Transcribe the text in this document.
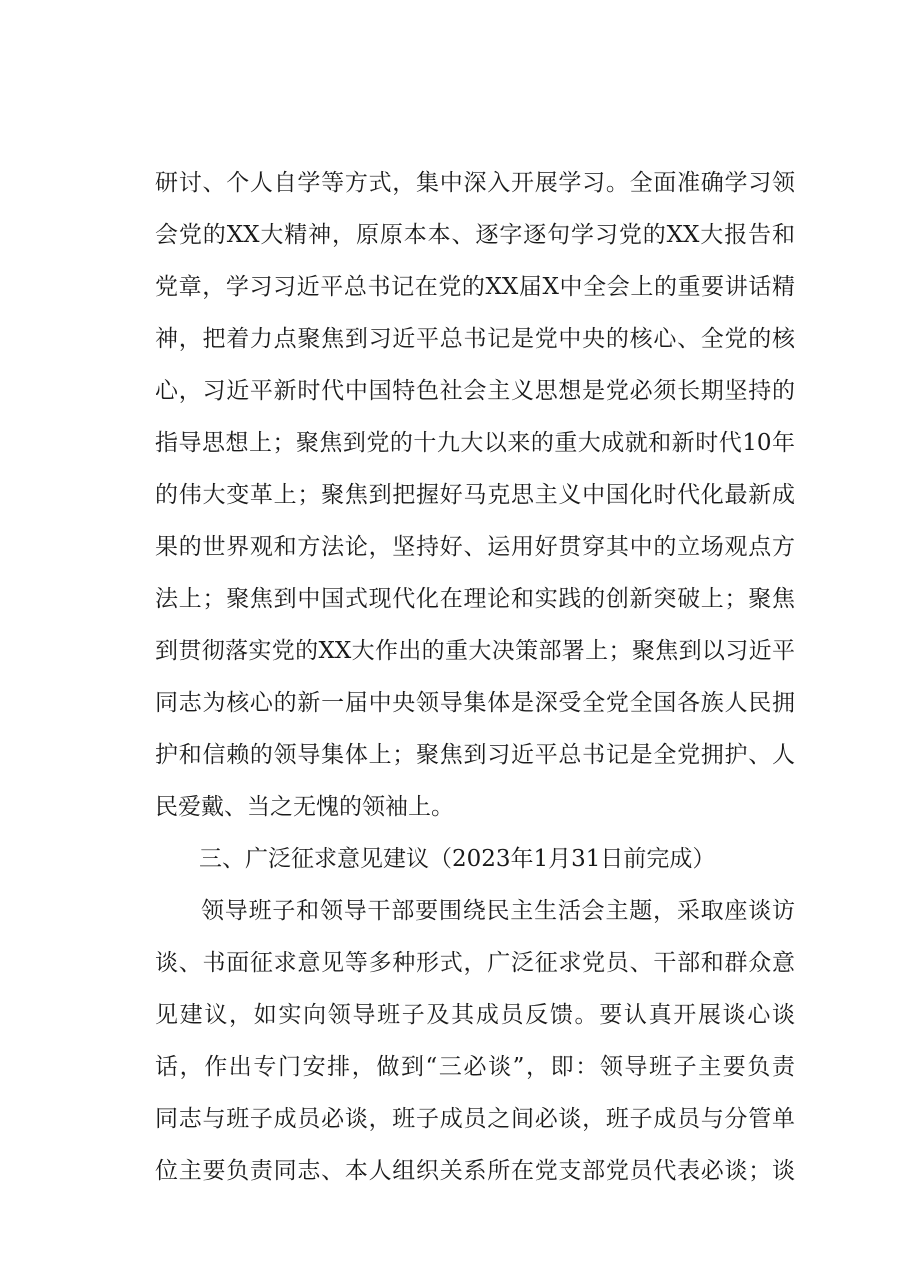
研讨、个人自学等方式，集中深入开展学习。全面准确学习领
会党的XX大精神，原原本本、逐字逐句学习党的XX大报告和
党章，学习习近平总书记在党的XX届X中全会上的重要讲话精
神，把着力点聚焦到习近平总书记是党中央的核心、全党的核
心，习近平新时代中国特色社会主义思想是党必须长期坚持的
指导思想上；聚焦到党的十九大以来的重大成就和新时代10年
的伟大变革上；聚焦到把握好马克思主义中国化时代化最新成
果的世界观和方法论，坚持好、运用好贯穿其中的立场观点方
法上；聚焦到中国式现代化在理论和实践的创新突破上；聚焦
到贯彻落实党的XX大作出的重大决策部署上；聚焦到以习近平
同志为核心的新一届中央领导集体是深受全党全国各族人民拥
护和信赖的领导集体上；聚焦到习近平总书记是全党拥护、人
民爱戴、当之无愧的领袖上。
三、广泛征求意见建议（2023年1月31日前完成）
领导班子和领导干部要围绕民主生活会主题，采取座谈访
谈、书面征求意见等多种形式，广泛征求党员、干部和群众意
见建议，如实向领导班子及其成员反馈。要认真开展谈心谈
话，作出专门安排，做到“三必谈”，即：领导班子主要负责
同志与班子成员必谈，班子成员之间必谈，班子成员与分管单
位主要负责同志、本人组织关系所在党支部党员代表必谈；谈
